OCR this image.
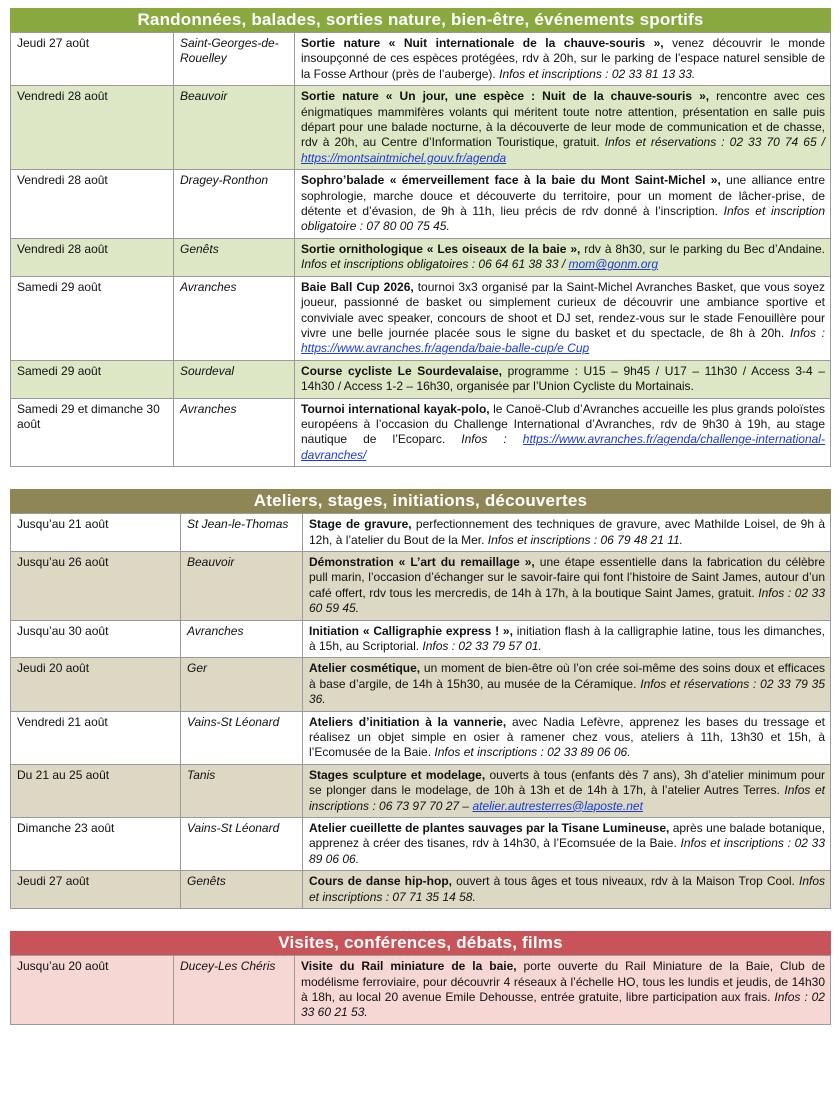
Randonnées, balades, sorties nature, bien-être, événements sportifs
Jeudi 27 août	Saint-Georges-de-Rouelley	Sortie nature « Nuit internationale de la chauve-souris », venez découvrir le monde insoupçonné de ces espèces protégées, rdv à 20h, sur le parking de l’espace naturel sensible de la Fosse Arthour (près de l’auberge). Infos et inscriptions : 02 33 81 13 33.
Vendredi 28 août	Beauvoir	Sortie nature « Un jour, une espèce : Nuit de la chauve-souris », rencontre avec ces énigmatiques mammifères volants qui méritent toute notre attention, présentation en salle puis départ pour une balade nocturne, à la découverte de leur mode de communication et de chasse, rdv à 20h, au Centre d’Information Touristique, gratuit. Infos et réservations : 02 33 70 74 65 / https://montsaintmichel.gouv.fr/agenda
Vendredi 28 août	Dragey-Ronthon	Sophro’balade « émerveillement face à la baie du Mont Saint-Michel », une alliance entre sophrologie, marche douce et découverte du territoire, pour un moment de lâcher-prise, de détente et d’évasion, de 9h à 11h, lieu précis de rdv donné à l’inscription. Infos et inscription obligatoire : 07 80 00 75 45.
Vendredi 28 août	Genêts	Sortie ornithologique « Les oiseaux de la baie », rdv à 8h30, sur le parking du Bec d’Andaine. Infos et inscriptions obligatoires : 06 64 61 38 33 / mom@gonm.org
Samedi 29 août	Avranches	Baie Ball Cup 2026, tournoi 3x3 organisé par la Saint-Michel Avranches Basket, que vous soyez joueur, passionné de basket ou simplement curieux de découvrir une ambiance sportive et conviviale avec speaker, concours de shoot et DJ set, rendez-vous sur le stade Fenouillère pour vivre une belle journée placée sous le signe du basket et du spectacle, de 8h à 20h. Infos : https://www.avranches.fr/agenda/baie-balle-cup/e Cup
Samedi 29 août	Sourdeval	Course cycliste Le Sourdevalaise, programme : U15 – 9h45 / U17 – 11h30 / Access 3-4 – 14h30 / Access 1-2 – 16h30, organisée par l’Union Cycliste du Mortainais.
Samedi 29 et dimanche 30 août	Avranches	Tournoi international kayak-polo, le Canoë-Club d’Avranches accueille les plus grands poloïstes européens à l’occasion du Challenge International d’Avranches, rdv de 9h30 à 19h, au stage nautique de l’Ecoparc. Infos : https://www.avranches.fr/agenda/challenge-international-davranches/
Ateliers, stages, initiations, découvertes
Jusqu’au 21 août	St Jean-le-Thomas	Stage de gravure, perfectionnement des techniques de gravure, avec Mathilde Loisel, de 9h à 12h, à l’atelier du Bout de la Mer. Infos et inscriptions : 06 79 48 21 11.
Jusqu’au 26 août	Beauvoir	Démonstration « L’art du remaillage », une étape essentielle dans la fabrication du célèbre pull marin, l’occasion d’échanger sur le savoir-faire qui font l’histoire de Saint James, autour d’un café offert, rdv tous les mercredis, de 14h à 17h, à la boutique Saint James, gratuit. Infos : 02 33 60 59 45.
Jusqu’au 30 août	Avranches	Initiation « Calligraphie express ! », initiation flash à la calligraphie latine, tous les dimanches, à 15h, au Scriptorial. Infos : 02 33 79 57 01.
Jeudi 20 août	Ger	Atelier cosmétique, un moment de bien-être où l’on crée soi-même des soins doux et efficaces à base d’argile, de 14h à 15h30, au musée de la Céramique. Infos et réservations : 02 33 79 35 36.
Vendredi 21 août	Vains-St Léonard	Ateliers d’initiation à la vannerie, avec Nadia Lefèvre, apprenez les bases du tressage et réalisez un objet simple en osier à ramener chez vous, ateliers à 11h, 13h30 et 15h, à l’Ecomusée de la Baie. Infos et inscriptions : 02 33 89 06 06.
Du 21 au 25 août	Tanis	Stages sculpture et modelage, ouverts à tous (enfants dès 7 ans), 3h d’atelier minimum pour se plonger dans le modelage, de 10h à 13h et de 14h à 17h, à l’atelier Autres Terres. Infos et inscriptions : 06 73 97 70 27 – atelier.autresterres@laposte.net
Dimanche 23 août	Vains-St Léonard	Atelier cueillette de plantes sauvages par la Tisane Lumineuse, après une balade botanique, apprenez à créer des tisanes, rdv à 14h30, à l’Ecomsuée de la Baie. Infos et inscriptions : 02 33 89 06 06.
Jeudi 27 août	Genêts	Cours de danse hip-hop, ouvert à tous âges et tous niveaux, rdv à la Maison Trop Cool. Infos et inscriptions : 07 71 35 14 58.
Visites, conférences, débats, films
Jusqu’au 20 août	Ducey-Les Chéris	Visite du Rail miniature de la baie, porte ouverte du Rail Miniature de la Baie, Club de modélisme ferroviaire, pour découvrir 4 réseaux à l’échelle HO, tous les lundis et jeudis, de 14h30 à 18h, au local 20 avenue Emile Dehousse, entrée gratuite, libre participation aux frais. Infos : 02 33 60 21 53.
